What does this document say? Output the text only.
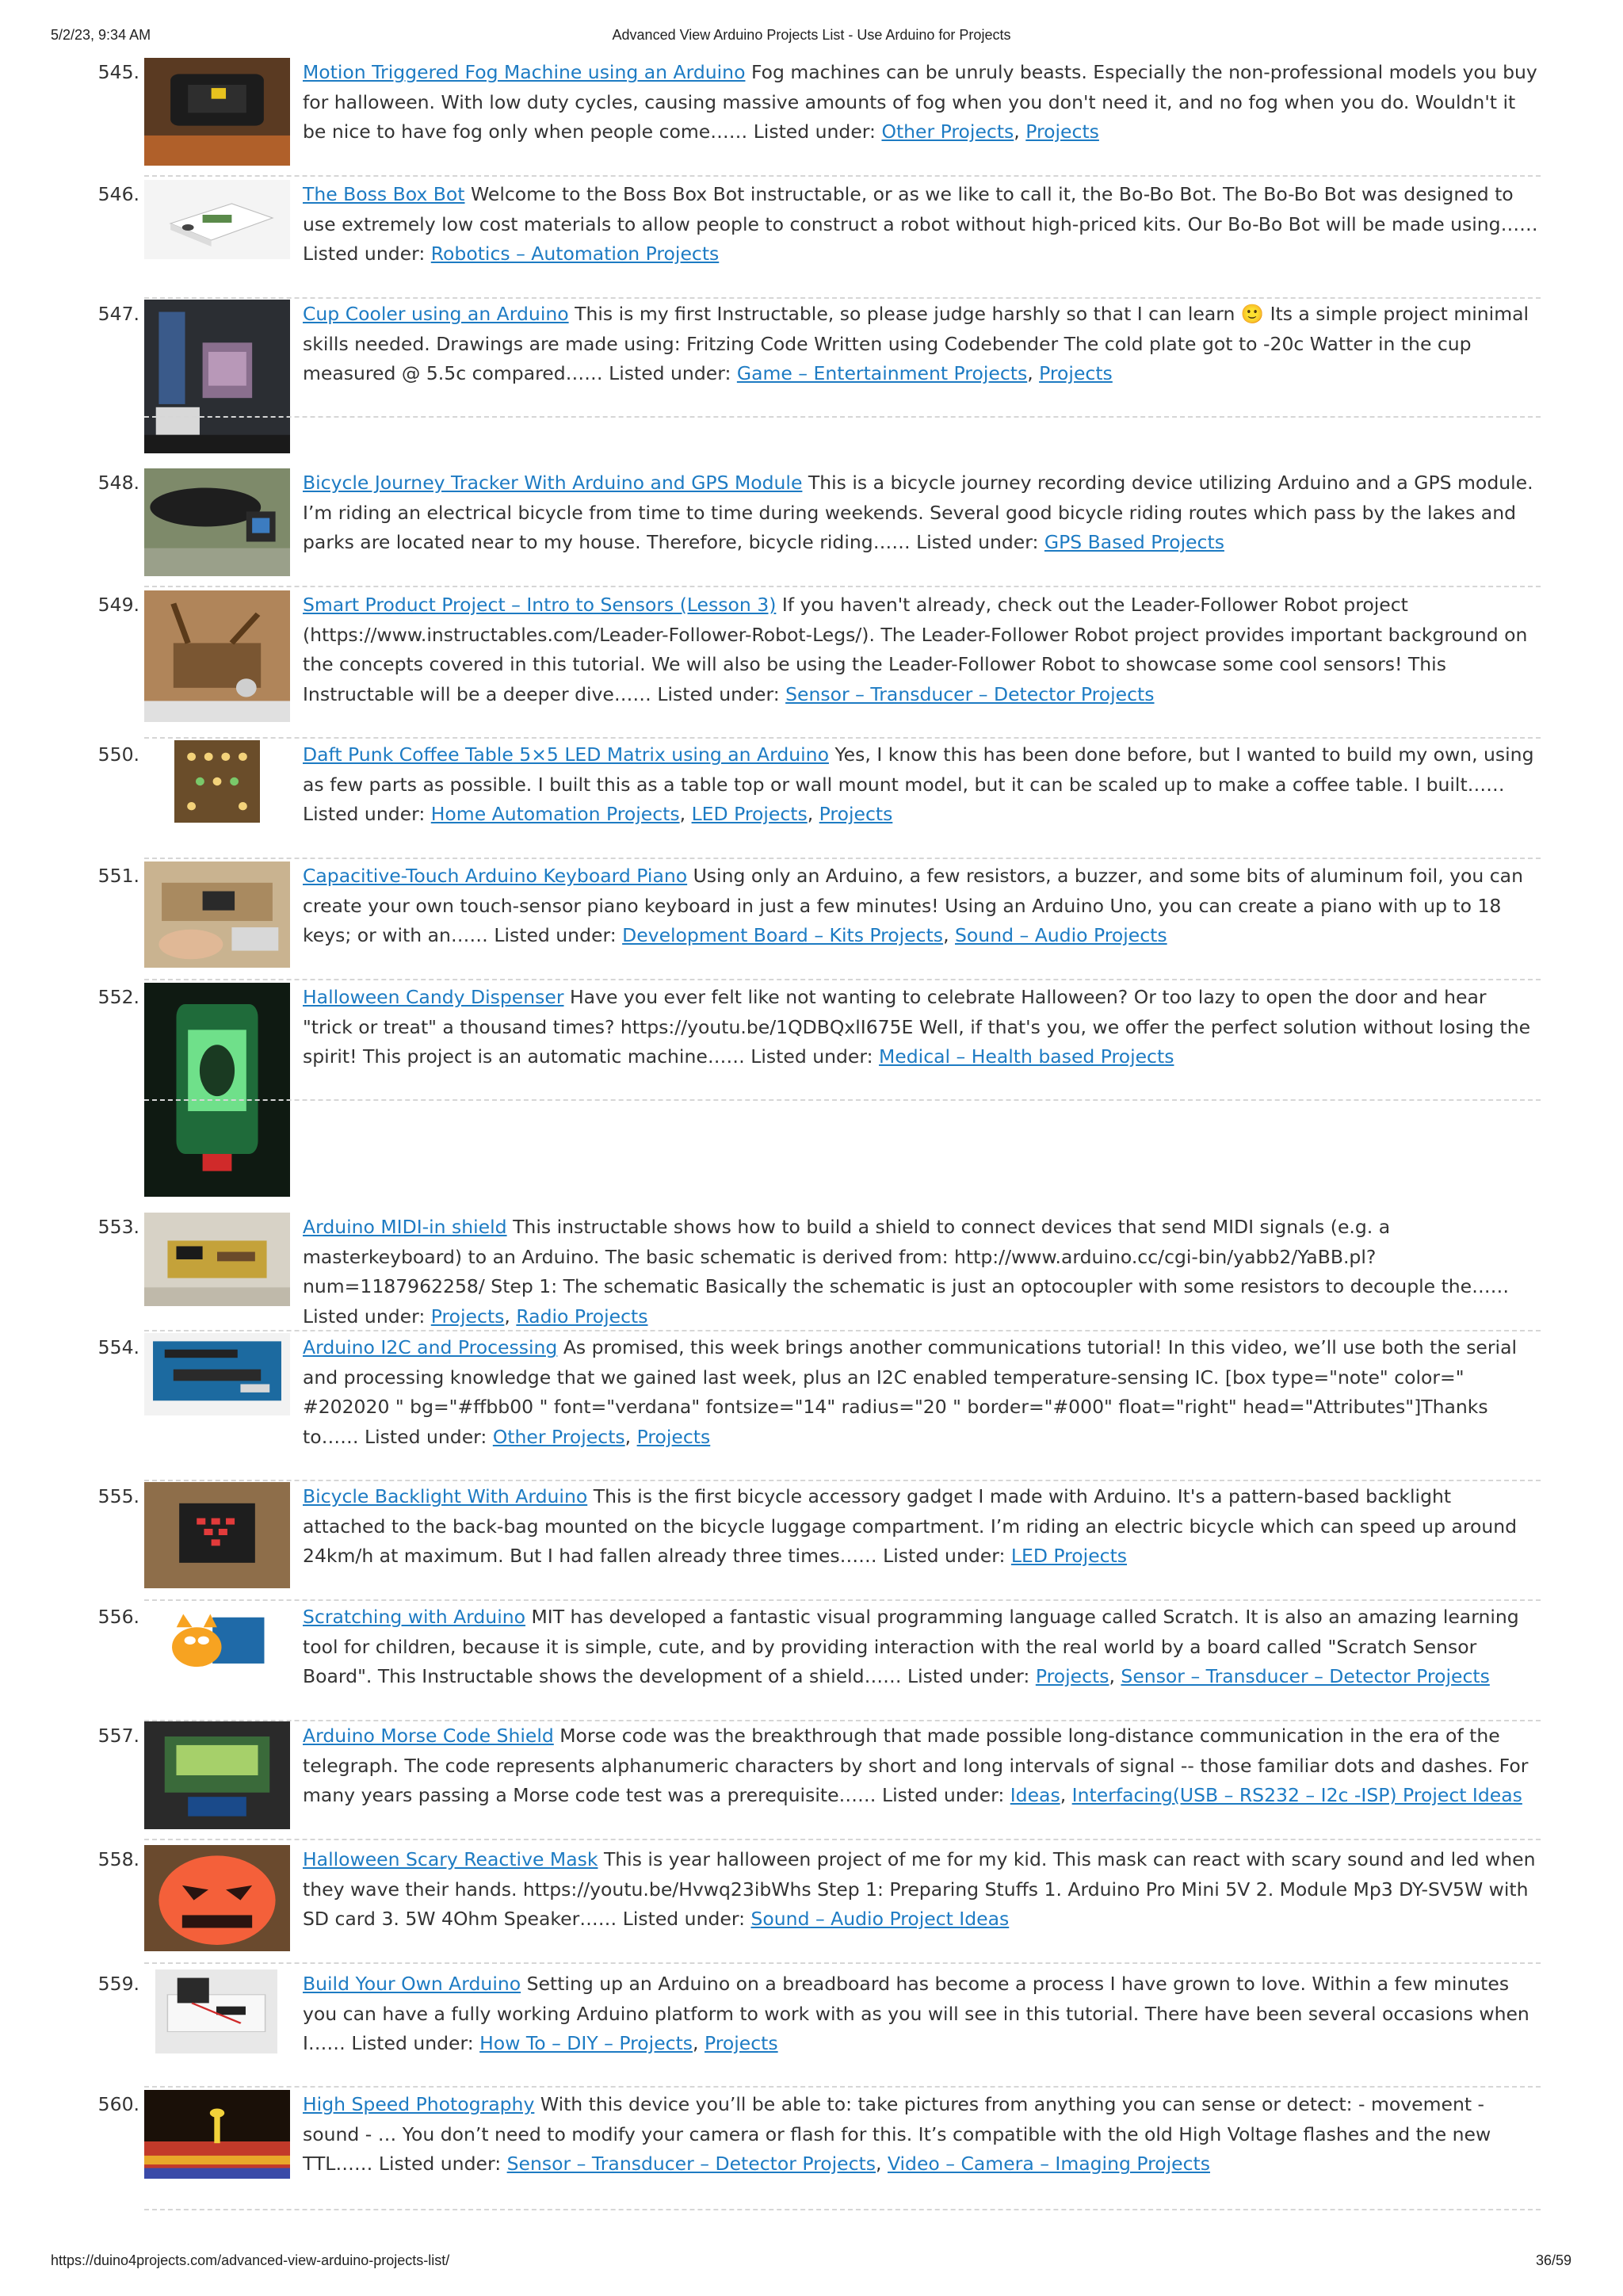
5/2/23, 9:34 AM	Advanced View Arduino Projects List - Use Arduino for Projects
545.	Motion Triggered Fog Machine using an Arduino Fog machines can be unruly beasts. Especially the non-professional models you buy for halloween. With low duty cycles, causing massive amounts of fog when you don't need it, and no fog when you do. Wouldn't it be nice to have fog only when people come…… Listed under: Other Projects, Projects
546.	The Boss Box Bot Welcome to the Boss Box Bot instructable, or as we like to call it, the Bo-Bo Bot. The Bo-Bo Bot was designed to use extremely low cost materials to allow people to construct a robot without high-priced kits. Our Bo-Bo Bot will be made using…… Listed under: Robotics – Automation Projects
547.	Cup Cooler using an Arduino This is my first Instructable, so please judge harshly so that I can learn 🙂 Its a simple project minimal skills needed. Drawings are made using: Fritzing Code Written using Codebender The cold plate got to -20c Watter in the cup measured @ 5.5c compared…… Listed under: Game – Entertainment Projects, Projects
548.	Bicycle Journey Tracker With Arduino and GPS Module This is a bicycle journey recording device utilizing Arduino and a GPS module. I’m riding an electrical bicycle from time to time during weekends. Several good bicycle riding routes which pass by the lakes and parks are located near to my house. Therefore, bicycle riding…… Listed under: GPS Based Projects
549.	Smart Product Project – Intro to Sensors (Lesson 3) If you haven't already, check out the Leader-Follower Robot project (https://www.instructables.com/Leader-Follower-Robot-Legs/). The Leader-Follower Robot project provides important background on the concepts covered in this tutorial. We will also be using the Leader-Follower Robot to showcase some cool sensors! This Instructable will be a deeper dive…… Listed under: Sensor – Transducer – Detector Projects
550.	Daft Punk Coffee Table 5×5 LED Matrix using an Arduino Yes, I know this has been done before, but I wanted to build my own, using as few parts as possible. I built this as a table top or wall mount model, but it can be scaled up to make a coffee table. I built…… Listed under: Home Automation Projects, LED Projects, Projects
551.	Capacitive-Touch Arduino Keyboard Piano Using only an Arduino, a few resistors, a buzzer, and some bits of aluminum foil, you can create your own touch-sensor piano keyboard in just a few minutes! Using an Arduino Uno, you can create a piano with up to 18 keys; or with an…… Listed under: Development Board – Kits Projects, Sound – Audio Projects
552.	Halloween Candy Dispenser Have you ever felt like not wanting to celebrate Halloween? Or too lazy to open the door and hear "trick or treat" a thousand times? https://youtu.be/1QDBQxlI675E Well, if that's you, we offer the perfect solution without losing the spirit! This project is an automatic machine…… Listed under: Medical – Health based Projects
553.	Arduino MIDI-in shield This instructable shows how to build a shield to connect devices that send MIDI signals (e.g. a masterkeyboard) to an Arduino. The basic schematic is derived from: http://www.arduino.cc/cgi-bin/yabb2/YaBB.pl?num=1187962258/ Step 1: The schematic Basically the schematic is just an optocoupler with some resistors to decouple the…… Listed under: Projects, Radio Projects
554.	Arduino I2C and Processing As promised, this week brings another communications tutorial! In this video, we’ll use both the serial and processing knowledge that we gained last week, plus an I2C enabled temperature-sensing IC. [box type="note" color=" #202020 " bg="#ffbb00 " font="verdana" fontsize="14" radius="20 " border="#000" float="right" head="Attributes"]Thanks to…… Listed under: Other Projects, Projects
555.	Bicycle Backlight With Arduino This is the first bicycle accessory gadget I made with Arduino. It's a pattern-based backlight attached to the back-bag mounted on the bicycle luggage compartment. I’m riding an electric bicycle which can speed up around 24km/h at maximum. But I had fallen already three times…… Listed under: LED Projects
556.	Scratching with Arduino MIT has developed a fantastic visual programming language called Scratch. It is also an amazing learning tool for children, because it is simple, cute, and by providing interaction with the real world by a board called "Scratch Sensor Board". This Instructable shows the development of a shield…… Listed under: Projects, Sensor – Transducer – Detector Projects
557.	Arduino Morse Code Shield Morse code was the breakthrough that made possible long-distance communication in the era of the telegraph. The code represents alphanumeric characters by short and long intervals of signal -- those familiar dots and dashes. For many years passing a Morse code test was a prerequisite…… Listed under: Ideas, Interfacing(USB – RS232 – I2c -ISP) Project Ideas
558.	Halloween Scary Reactive Mask This is year halloween project of me for my kid. This mask can react with scary sound and led when they wave their hands. https://youtu.be/Hvwq23ibWhs Step 1: Preparing Stuffs 1. Arduino Pro Mini 5V 2. Module Mp3 DY-SV5W with SD card 3. 5W 4Ohm Speaker…… Listed under: Sound – Audio Project Ideas
559.	Build Your Own Arduino Setting up an Arduino on a breadboard has become a process I have grown to love. Within a few minutes you can have a fully working Arduino platform to work with as you will see in this tutorial. There have been several occasions when I…… Listed under: How To – DIY – Projects, Projects
560.	High Speed Photography With this device you’ll be able to: take pictures from anything you can sense or detect: - movement - sound - … You don’t need to modify your camera or flash for this. It’s compatible with the old High Voltage flashes and the new TTL…… Listed under: Sensor – Transducer – Detector Projects, Video – Camera – Imaging Projects
https://duino4projects.com/advanced-view-arduino-projects-list/	36/59
